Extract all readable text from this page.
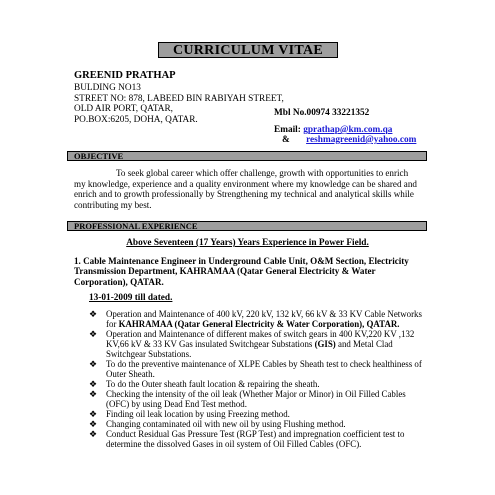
CURRICULUM VITAE
GREENID PRATHAP
BULDING NO13
STREET NO: 878, LABEED BIN RABIYAH STREET,
OLD AIR PORT, QATAR,
PO.BOX:6205, DOHA, QATAR.
Mbl No.00974 33221352
Email: gprathap@km.com.qa
& reshmagreenid@yahoo.com
OBJECTIVE
To seek global career which offer challenge, growth with opportunities to enrich my knowledge, experience and a quality environment where my knowledge can be shared and enrich and to growth professionally by Strengthening my technical and analytical skills while contributing my best.
PROFESSIONAL EXPERIENCE
Above Seventeen (17 Years) Years Experience in Power Field.
1. Cable Maintenance Engineer in Underground Cable Unit, O&M Section, Electricity Transmission Department, KAHRAMAA (Qatar General Electricity & Water Corporation), QATAR.
13-01-2009 till dated.
❖ Operation and Maintenance of 400 kV, 220 kV, 132 kV, 66 kV & 33 KV Cable Networks for KAHRAMAA (Qatar General Electricity & Water Corporation), QATAR.
❖ Operation and Maintenance of different makes of switch gears in 400 KV,220 KV ,132 KV,66 kV & 33 KV Gas insulated Switchgear Substations (GIS) and Metal Clad Switchgear Substations.
❖ To do the preventive maintenance of XLPE Cables by Sheath test to check healthiness of Outer Sheath.
❖ To do the Outer sheath fault location & repairing the sheath.
❖ Checking the intensity of the oil leak (Whether Major or Minor) in Oil Filled Cables (OFC) by using Dead End Test method.
❖ Finding oil leak location by using Freezing method.
❖ Changing contaminated oil with new oil by using Flushing method.
❖ Conduct Residual Gas Pressure Test (RGP Test) and impregnation coefficient test to determine the dissolved Gases in oil system of Oil Filled Cables (OFC).
